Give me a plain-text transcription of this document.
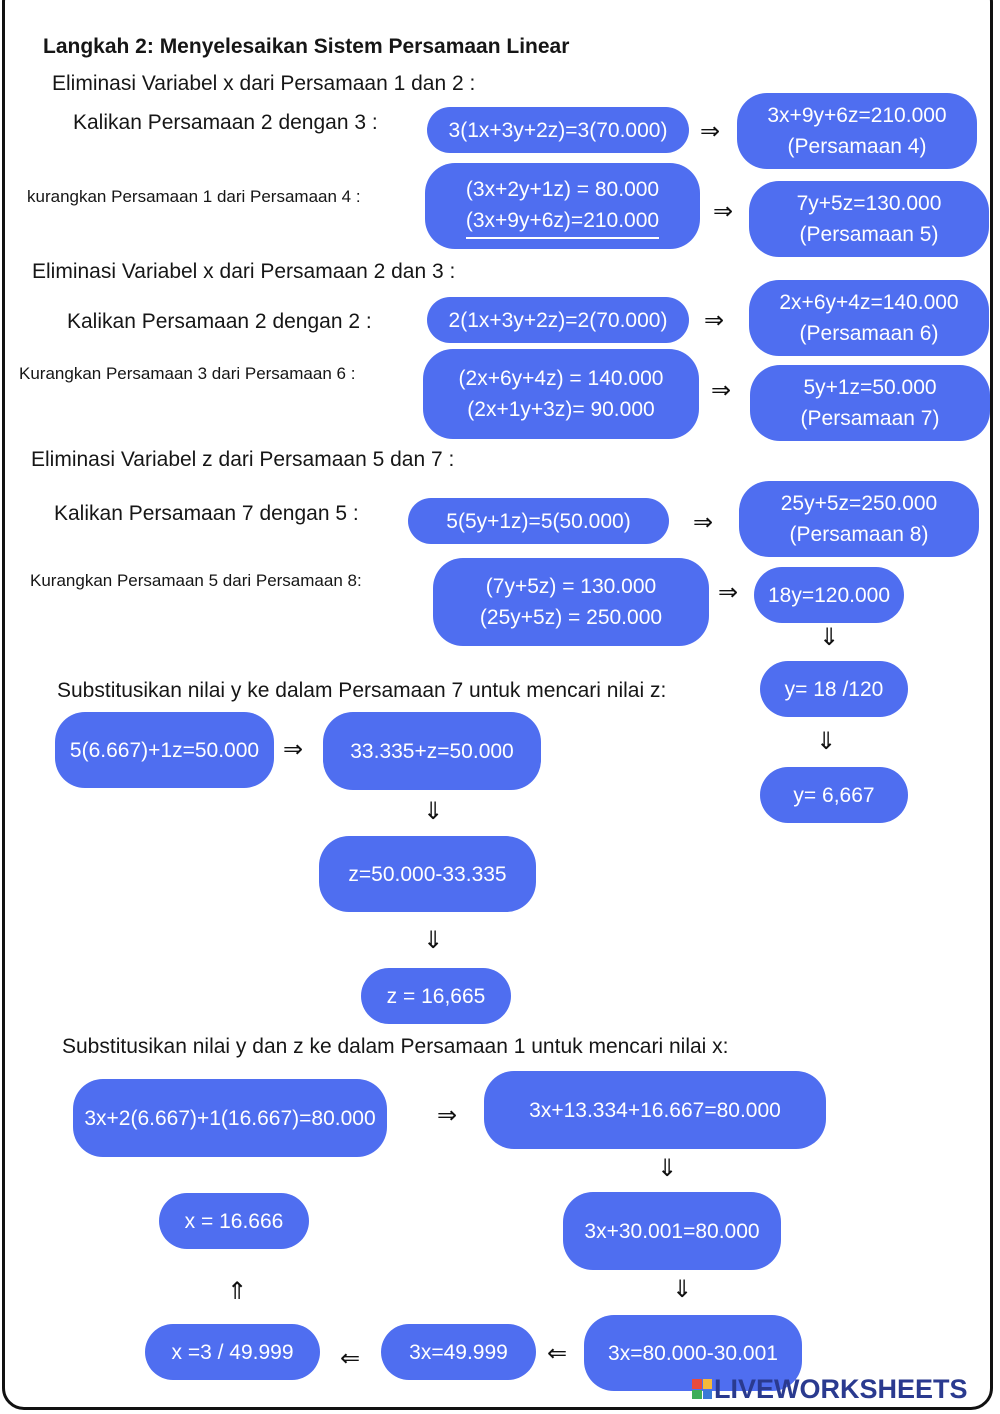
Langkah 2: Menyelesaikan Sistem Persamaan Linear
Eliminasi Variabel x dari Persamaan 1 dan 2 :
Kalikan Persamaan 2 dengan 3 :	3(1x+3y+2z)=3(70.000) ⇒
3x+9y+6z=210.000
(Persamaan 4)
kurangkan Persamaan 1 dari Persamaan 4 :	(3x+2y+1z) = 80.000
(3x+9y+6z)=210.000 ⇒	7y+5z=130.000
(Persamaan 5)
Eliminasi Variabel x dari Persamaan 2 dan 3 :
Kalikan Persamaan 2 dengan 2 :	2(1x+3y+2z)=2(70.000) ⇒
2x+6y+4z=140.000
(Persamaan 6)
Kurangkan Persamaan 3 dari Persamaan 6 :	(2x+6y+4z) = 140.000
(2x+1y+3z)= 90.000
⇒	5y+1z=50.000
(Persamaan 7)
Eliminasi Variabel z dari Persamaan 5 dan 7 :
Kalikan Persamaan 7 dengan 5 :	5(5y+1z)=5(50.000)	⇒
25y+5z=250.000
(Persamaan 8)
Kurangkan Persamaan 5 dari Persamaan 8:	(7y+5z) = 130.000
(25y+5z) = 250.000
⇒ 18y=120.000
⇓
y= 18 /120
⇓
y= 6,667
Substitusikan nilai y ke dalam Persamaan 7 untuk mencari nilai z:
5(6.667)+1z=50.000 ⇒ 33.335+z=50.000
⇓
z=50.000-33.335
⇓
z = 16,665
Substitusikan nilai y dan z ke dalam Persamaan 1 untuk mencari nilai x:
3x+2(6.667)+1(16.667)=80.000	⇒	3x+13.334+16.667=80.000
⇓
3x+30.001=80.000
⇓
3x=80.000-30.001
⇐
3x=49.999
⇐
x =3 / 49.999
⇑
x = 16.666
LIVEWORKSHEETS
